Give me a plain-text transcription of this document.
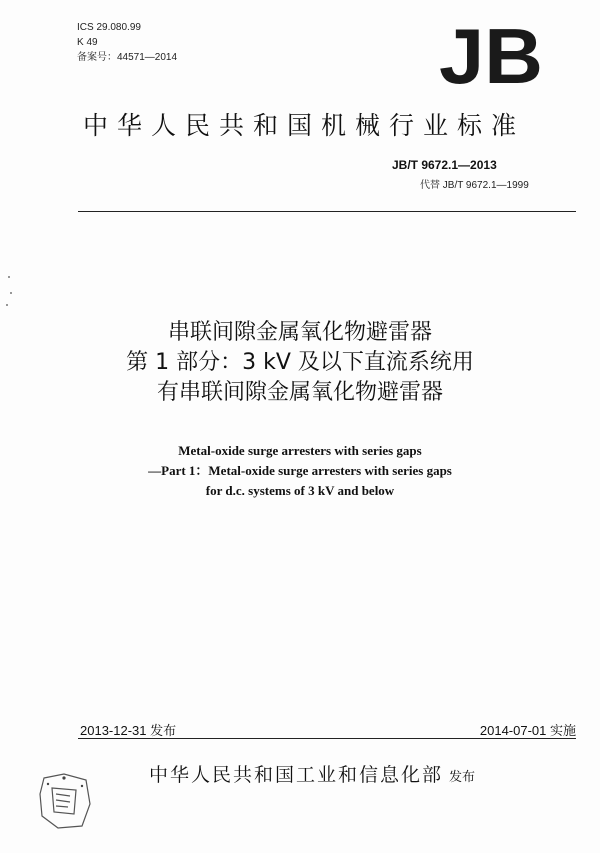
ICS 29.080.99
K 49
备案号：44571—2014	JB
中华人民共和国机械行业标准
JB/T 9672.1—2013
代替 JB/T 9672.1—1999
串联间隙金属氧化物避雷器
第 1 部分：3 kV 及以下直流系统用
有串联间隙金属氧化物避雷器
Metal-oxide surge arresters with series gaps
—Part 1：Metal-oxide surge arresters with series gaps
for d.c. systems of 3 kV and below
2013-12-31 发布	2014-07-01 实施
中华人民共和国工业和信息化部 发布
